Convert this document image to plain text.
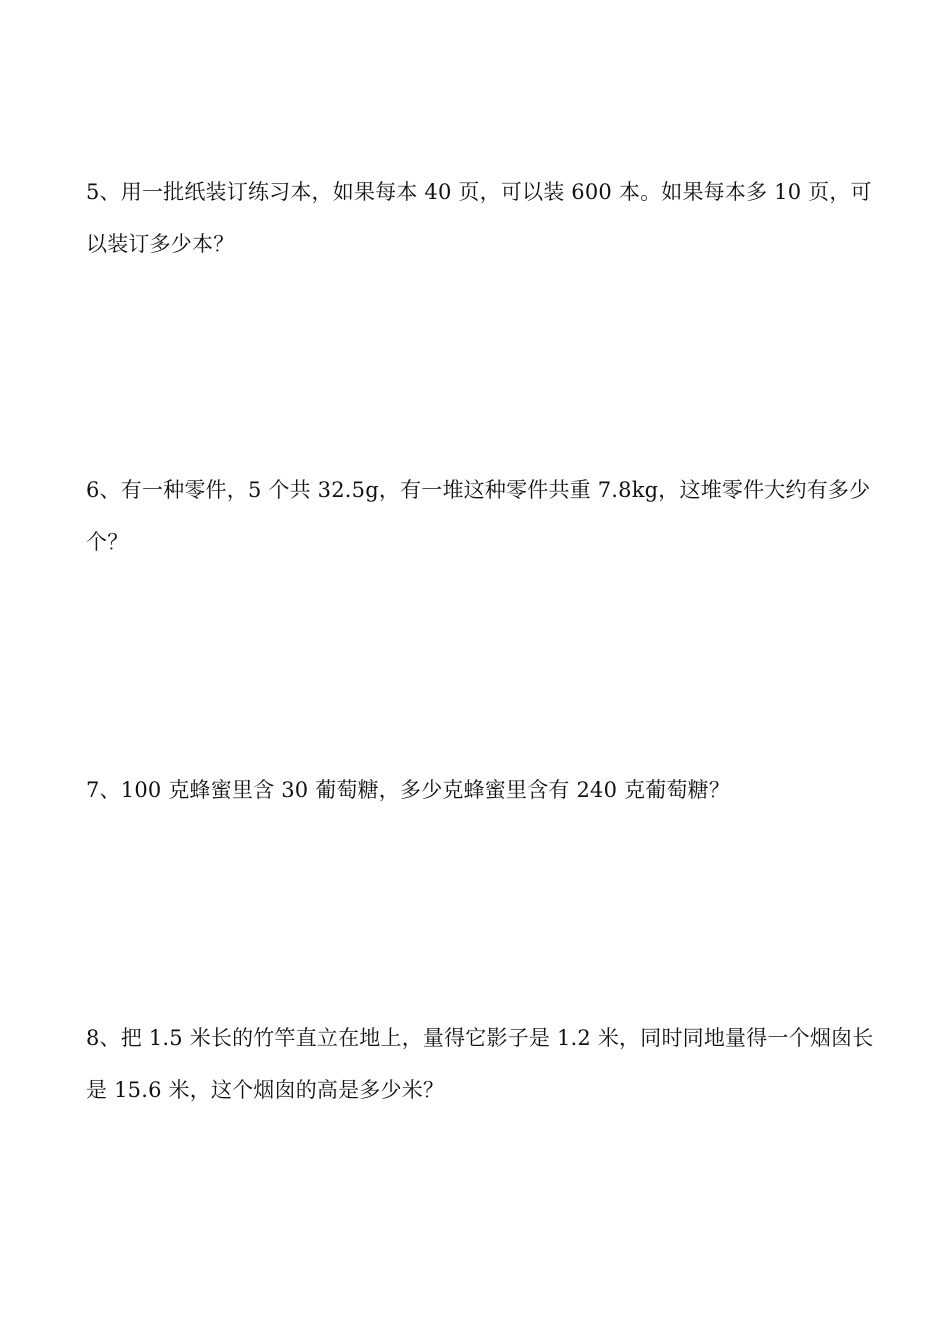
5、用一批纸装订练习本，如果每本 40 页，可以装 600 本。如果每本多 10 页，可以装订多少本？
6、有一种零件，5 个共 32.5g，有一堆这种零件共重 7.8kg，这堆零件大约有多少个？
7、100 克蜂蜜里含 30 葡萄糖，多少克蜂蜜里含有 240 克葡萄糖？
8、把 1.5 米长的竹竿直立在地上，量得它影子是 1.2 米，同时同地量得一个烟囱长是 15.6 米，这个烟囱的高是多少米？
